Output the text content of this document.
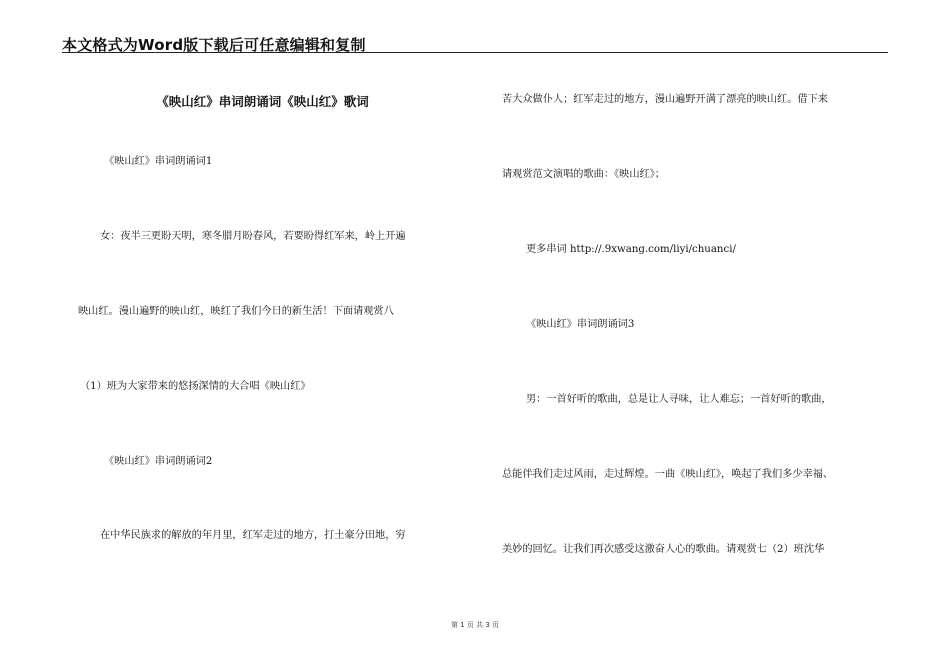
本文格式为Word版下载后可任意编辑和复制
《映山红》串词朗诵词《映山红》歌词
《映山红》串词朗诵词1
女：夜半三更盼天明，寒冬腊月盼春风，若要盼得红军来，岭上开遍
映山红。漫山遍野的映山红，映红了我们今日的新生活！下面请观赏八
（1）班为大家带来的悠扬深情的大合唱《映山红》
《映山红》串词朗诵词2
在中华民族求的解放的年月里，红军走过的地方，打土豪分田地，穷
苦大众做仆人；红军走过的地方，漫山遍野开满了漂亮的映山红。借下来
请观赏范文演唱的歌曲：《映山红》；
更多串词 http://.9xwang.com/liyi/chuanci/
《映山红》串词朗诵词3
男：一首好听的歌曲，总是让人寻味，让人难忘；一首好听的歌曲，
总能伴我们走过风雨，走过辉煌。一曲《映山红》，唤起了我们多少幸福、
美妙的回忆。让我们再次感受这激奋人心的歌曲。请观赏七（2）班沈华
第 1 页 共 3 页
